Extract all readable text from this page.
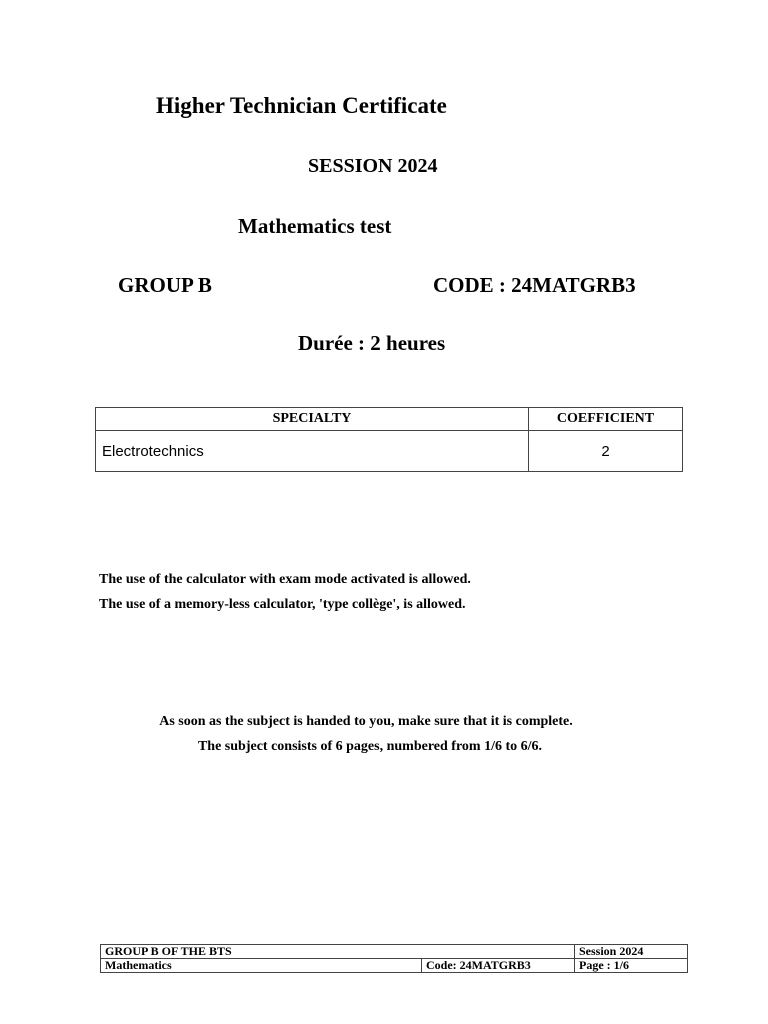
Higher Technician Certificate
SESSION 2024
Mathematics test
GROUP B	CODE : 24MATGRB3
Durée : 2 heures
SPECIALTY	COEFFICIENT
Electrotechnics	2
The use of the calculator with exam mode activated is allowed.
The use of a memory-less calculator, 'type collège', is allowed.
As soon as the subject is handed to you, make sure that it is complete.
The subject consists of 6 pages, numbered from 1/6 to 6/6.
GROUP B OF THE BTS		Session 2024
Mathematics	Code: 24MATGRB3	Page : 1/6
